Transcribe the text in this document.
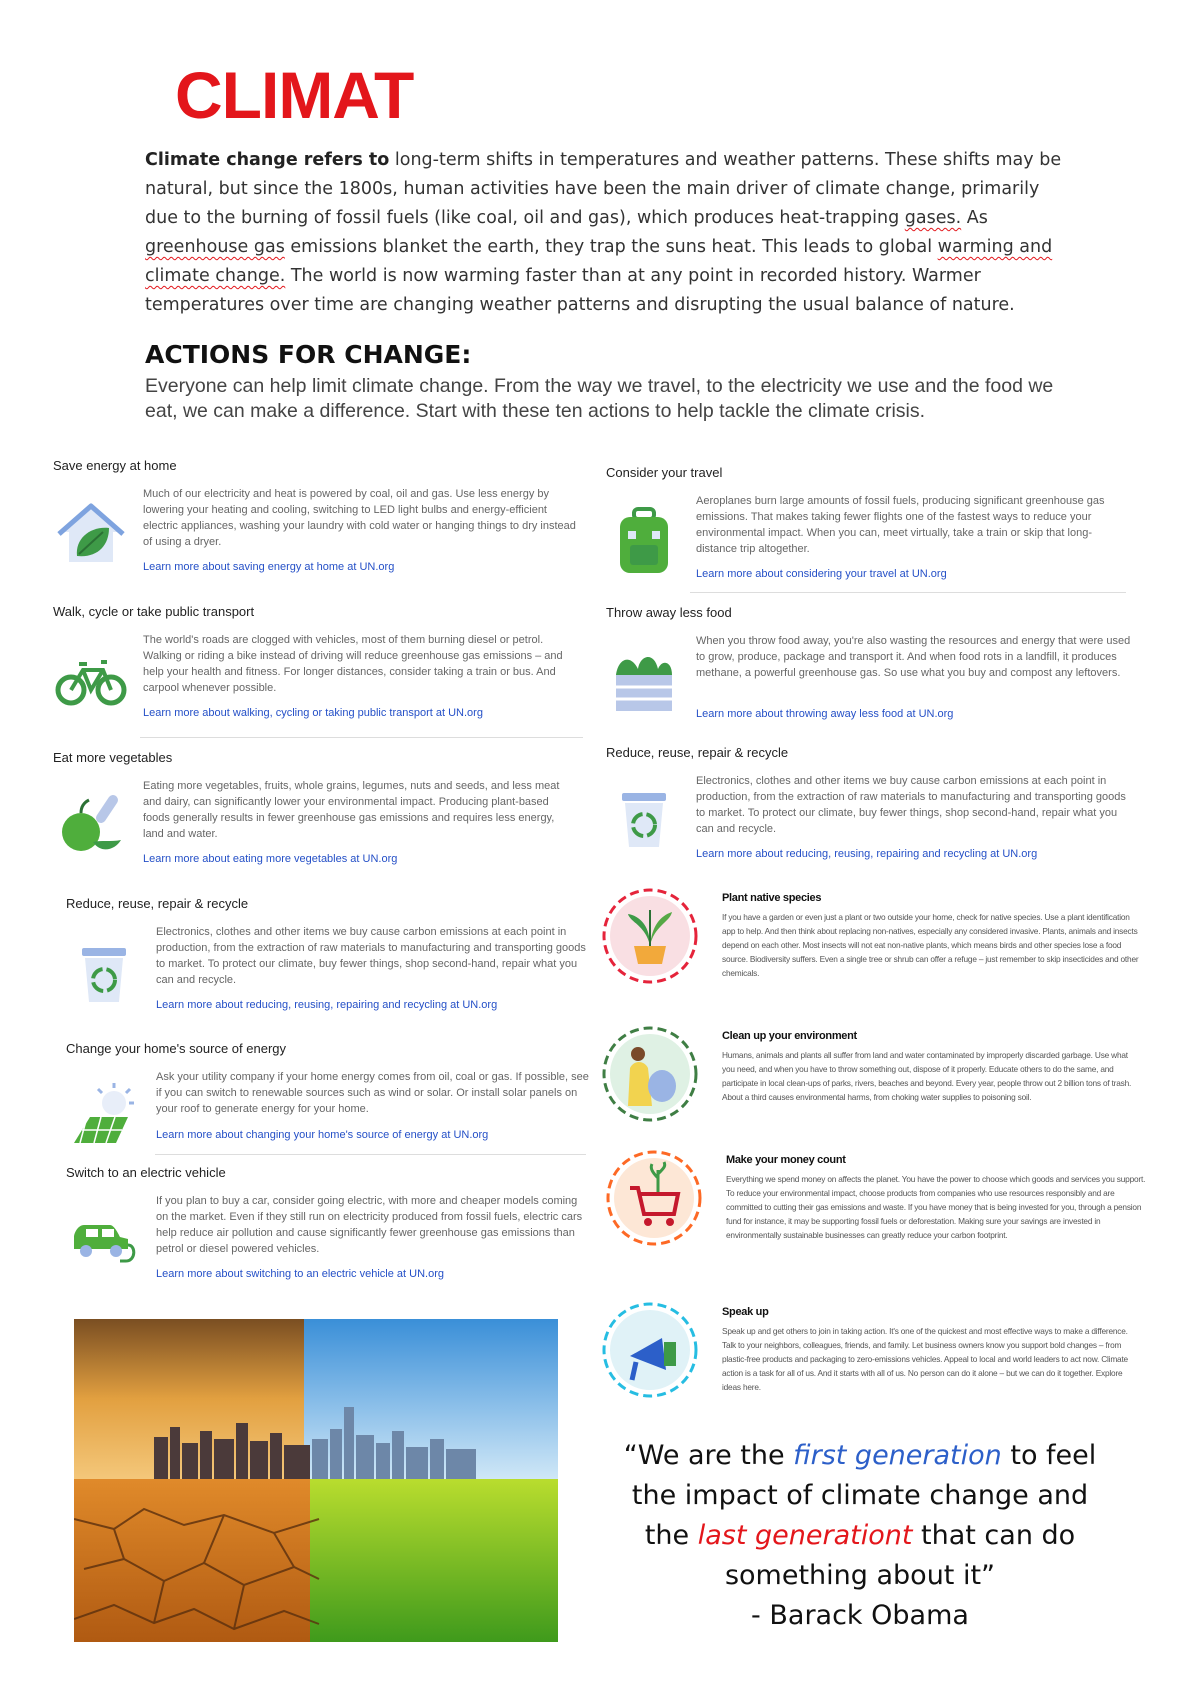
CLIMAT
Climate change refers to long-term shifts in temperatures and weather patterns. These shifts may be natural, but since the 1800s, human activities have been the main driver of climate change, primarily due to the burning of fossil fuels (like coal, oil and gas), which produces heat-trapping gases. As greenhouse gas emissions blanket the earth, they trap the suns heat. This leads to global warming and climate change. The world is now warming faster than at any point in recorded history. Warmer temperatures over time are changing weather patterns and disrupting the usual balance of nature.
ACTIONS FOR CHANGE:
Everyone can help limit climate change. From the way we travel, to the electricity we use and the food we eat, we can make a difference. Start with these ten actions to help tackle the climate crisis.
Save energy at home
Much of our electricity and heat is powered by coal, oil and gas. Use less energy by lowering your heating and cooling, switching to LED light bulbs and energy-efficient electric appliances, washing your laundry with cold water or hanging things to dry instead of using a dryer.
Learn more about saving energy at home at UN.org
Walk, cycle or take public transport
The world's roads are clogged with vehicles, most of them burning diesel or petrol. Walking or riding a bike instead of driving will reduce greenhouse gas emissions – and help your health and fitness. For longer distances, consider taking a train or bus. And carpool whenever possible.
Learn more about walking, cycling or taking public transport at UN.org
Eat more vegetables
Eating more vegetables, fruits, whole grains, legumes, nuts and seeds, and less meat and dairy, can significantly lower your environmental impact. Producing plant-based foods generally results in fewer greenhouse gas emissions and requires less energy, land and water.
Learn more about eating more vegetables at UN.org
Reduce, reuse, repair & recycle
Electronics, clothes and other items we buy cause carbon emissions at each point in production, from the extraction of raw materials to manufacturing and transporting goods to market. To protect our climate, buy fewer things, shop second-hand, repair what you can and recycle.
Learn more about reducing, reusing, repairing and recycling at UN.org
Change your home's source of energy
Ask your utility company if your home energy comes from oil, coal or gas. If possible, see if you can switch to renewable sources such as wind or solar. Or install solar panels on your roof to generate energy for your home.
Learn more about changing your home's source of energy at UN.org
Switch to an electric vehicle
If you plan to buy a car, consider going electric, with more and cheaper models coming on the market. Even if they still run on electricity produced from fossil fuels, electric cars help reduce air pollution and cause significantly fewer greenhouse gas emissions than petrol or diesel powered vehicles.
Learn more about switching to an electric vehicle at UN.org
Consider your travel
Aeroplanes burn large amounts of fossil fuels, producing significant greenhouse gas emissions. That makes taking fewer flights one of the fastest ways to reduce your environmental impact. When you can, meet virtually, take a train or skip that long-distance trip altogether.
Learn more about considering your travel at UN.org
Throw away less food
When you throw food away, you're also wasting the resources and energy that were used to grow, produce, package and transport it. And when food rots in a landfill, it produces methane, a powerful greenhouse gas. So use what you buy and compost any leftovers.
Learn more about throwing away less food at UN.org
Reduce, reuse, repair & recycle
Electronics, clothes and other items we buy cause carbon emissions at each point in production, from the extraction of raw materials to manufacturing and transporting goods to market. To protect our climate, buy fewer things, shop second-hand, repair what you can and recycle.
Learn more about reducing, reusing, repairing and recycling at UN.org
Plant native species
If you have a garden or even just a plant or two outside your home, check for native species. Use a plant identification app to help. And then think about replacing non-natives, especially any considered invasive. Plants, animals and insects depend on each other. Most insects will not eat non-native plants, which means birds and other species lose a food source. Biodiversity suffers. Even a single tree or shrub can offer a refuge – just remember to skip insecticides and other chemicals.
Clean up your environment
Humans, animals and plants all suffer from land and water contaminated by improperly discarded garbage. Use what you need, and when you have to throw something out, dispose of it properly. Educate others to do the same, and participate in local clean-ups of parks, rivers, beaches and beyond. Every year, people throw out 2 billion tons of trash. About a third causes environmental harms, from choking water supplies to poisoning soil.
Make your money count
Everything we spend money on affects the planet. You have the power to choose which goods and services you support. To reduce your environmental impact, choose products from companies who use resources responsibly and are committed to cutting their gas emissions and waste. If you have money that is being invested for you, through a pension fund for instance, it may be supporting fossil fuels or deforestation. Making sure your savings are invested in environmentally sustainable businesses can greatly reduce your carbon footprint.
Speak up
Speak up and get others to join in taking action. It's one of the quickest and most effective ways to make a difference. Talk to your neighbors, colleagues, friends, and family. Let business owners know you support bold changes – from plastic-free products and packaging to zero-emissions vehicles. Appeal to local and world leaders to act now. Climate action is a task for all of us. And it starts with all of us. No person can do it alone – but we can do it together. Explore ideas here.
“We are the first generation to feel the impact of climate change and the last generationt that can do something about it”
- Barack Obama
